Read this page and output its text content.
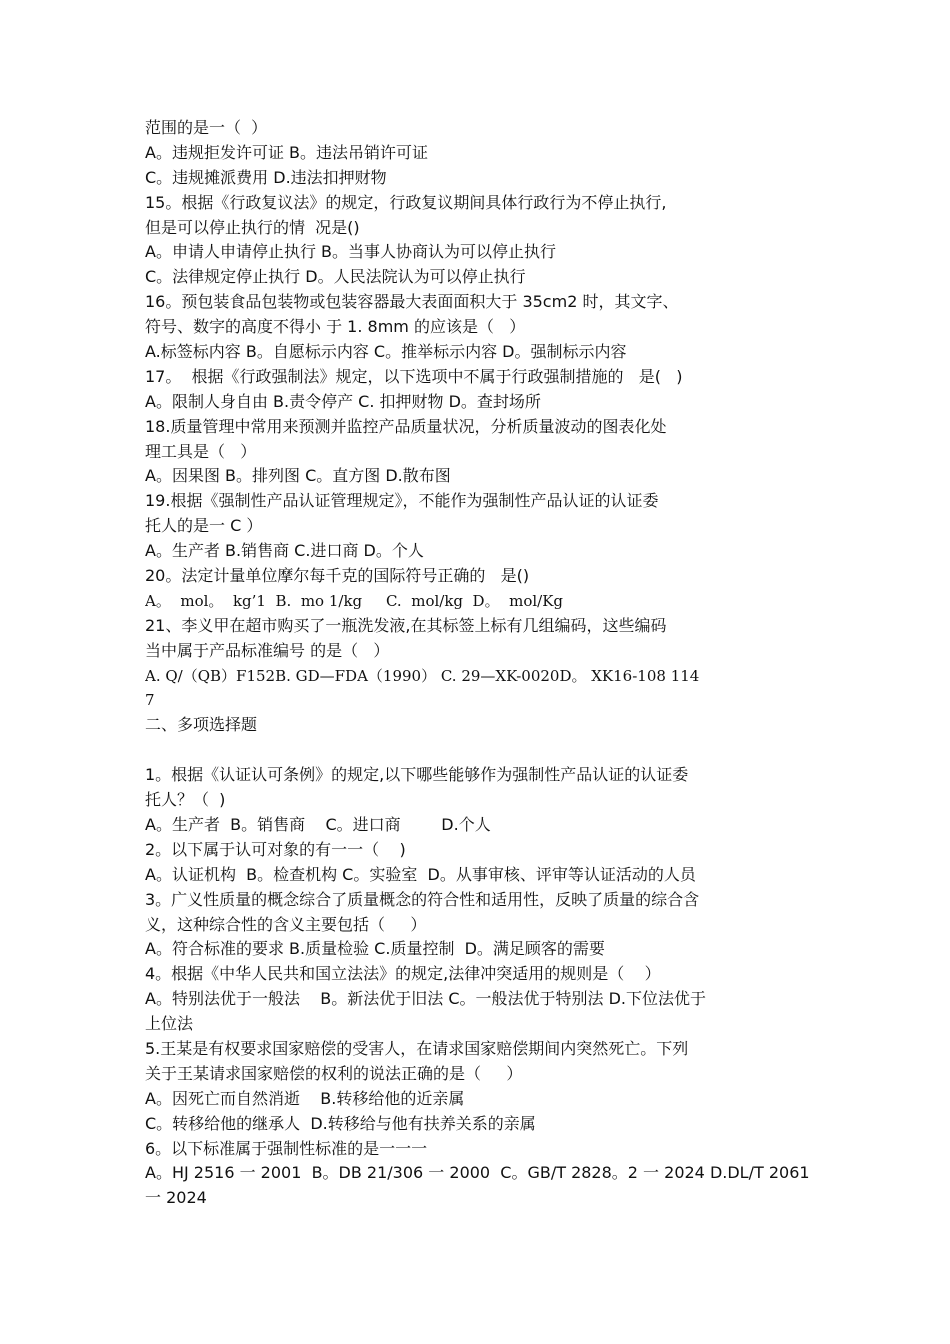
范围的是一（  ）
A。违规拒发许可证 B。违法吊销许可证
C。违规摊派费用 D.违法扣押财物
15。根据《行政复议法》的规定，行政复议期间具体行政行为不停止执行,
但是可以停止执行的情  况是()
A。申请人申请停止执行 B。当事人协商认为可以停止执行
C。法律规定停止执行 D。人民法院认为可以停止执行
16。预包装食品包装物或包装容器最大表面面积大于 35cm2 时，其文字、
符号、数字的高度不得小 于 1. 8mm 的应该是（   ）
A.标签标内容 B。自愿标示内容 C。推举标示内容 D。强制标示内容
17。  根据《行政强制法》规定，以下选项中不属于行政强制措施的   是(   )
A。限制人身自由 B.责令停产 C. 扣押财物 D。查封场所
18.质量管理中常用来预测并监控产品质量状况，分析质量波动的图表化处
理工具是（   ）
A。因果图 B。排列图 C。直方图 D.散布图
19.根据《强制性产品认证管理规定》，不能作为强制性产品认证的认证委
托人的是一 C ）
A。生产者 B.销售商 C.进口商 D。个人
20。法定计量单位摩尔每千克的国际符号正确的   是()
A。  mol。  kg’1  B.  mo 1/kg     C.  mol/kg  D。  mol/Kg
21、李义甲在超市购买了一瓶洗发液,在其标签上标有几组编码，这些编码
当中属于产品标准编号 的是（   ）
A. Q/（QB）F152B. GD—FDA（1990） C. 29—XK-0020D。 XK16-108 114
7
二、多项选择题
1。根据《认证认可条例》的规定,以下哪些能够作为强制性产品认证的认证委
托人？（  )
A。生产者  B。销售商    C。进口商        D.个人
2。以下属于认可对象的有一一（    )
A。认证机构  B。检查机构 C。实验室  D。从事审核、评审等认证活动的人员
3。广义性质量的概念综合了质量概念的符合性和适用性，反映了质量的综合含
义，这种综合性的含义主要包括（     ）
A。符合标准的要求 B.质量检验 C.质量控制  D。满足顾客的需要
4。根据《中华人民共和国立法法》的规定,法律冲突适用的规则是（    ）
A。特别法优于一般法    B。新法优于旧法 C。一般法优于特别法 D.下位法优于
上位法
5.王某是有权要求国家赔偿的受害人，在请求国家赔偿期间内突然死亡。下列
关于王某请求国家赔偿的权利的说法正确的是（     ）
A。因死亡而自然消逝    B.转移给他的近亲属
C。转移给他的继承人  D.转移给与他有扶养关系的亲属
6。以下标准属于强制性标准的是一一一
A。HJ 2516 一 2001  B。DB 21/306 一 2000  C。GB/T 2828。2 一 2024 D.DL/T 2061
一 2024
